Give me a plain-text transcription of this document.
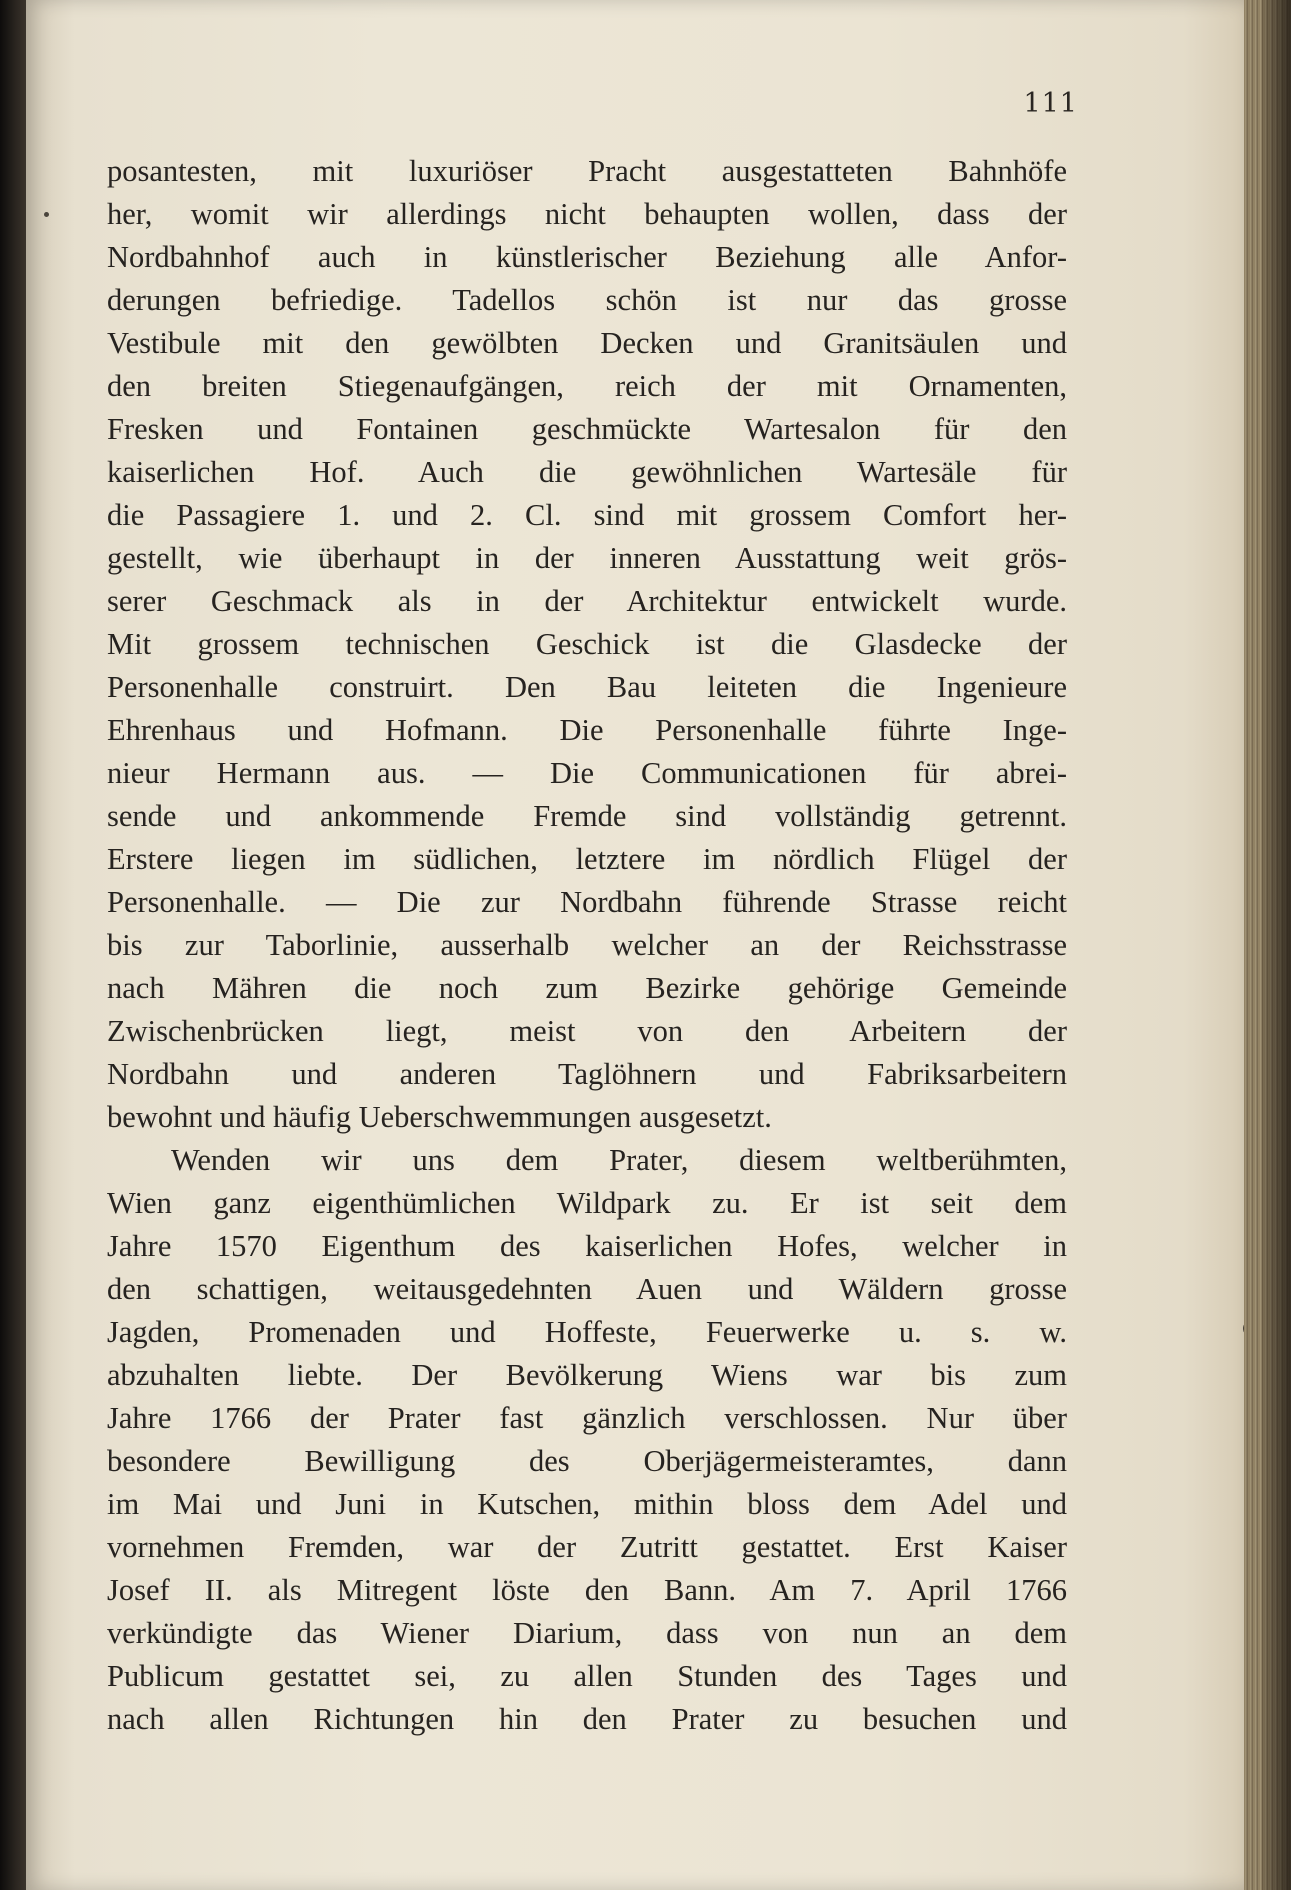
111
posantesten, mit luxuriöser Pracht ausgestatteten Bahnhöfe
her, womit wir allerdings nicht behaupten wollen, dass der
Nordbahnhof auch in künstlerischer Beziehung alle Anfor-
derungen befriedige. Tadellos schön ist nur das grosse
Vestibule mit den gewölbten Decken und Granitsäulen und
den breiten Stiegenaufgängen, reich der mit Ornamenten,
Fresken und Fontainen geschmückte Wartesalon für den
kaiserlichen Hof. Auch die gewöhnlichen Wartesäle für
die Passagiere 1. und 2. Cl. sind mit grossem Comfort her-
gestellt, wie überhaupt in der inneren Ausstattung weit grös-
serer Geschmack als in der Architektur entwickelt wurde.
Mit grossem technischen Geschick ist die Glasdecke der
Personenhalle construirt. Den Bau leiteten die Ingenieure
Ehrenhaus und Hofmann. Die Personenhalle führte Inge-
nieur Hermann aus. — Die Communicationen für abrei-
sende und ankommende Fremde sind vollständig getrennt.
Erstere liegen im südlichen, letztere im nördlich Flügel der
Personenhalle. — Die zur Nordbahn führende Strasse reicht
bis zur Taborlinie, ausserhalb welcher an der Reichsstrasse
nach Mähren die noch zum Bezirke gehörige Gemeinde
Zwischenbrücken liegt, meist von den Arbeitern der
Nordbahn und anderen Taglöhnern und Fabriksarbeitern
bewohnt und häufig Ueberschwemmungen ausgesetzt.
Wenden wir uns dem Prater, diesem weltberühmten,
Wien ganz eigenthümlichen Wildpark zu. Er ist seit dem
Jahre 1570 Eigenthum des kaiserlichen Hofes, welcher in
den schattigen, weitausgedehnten Auen und Wäldern grosse
Jagden, Promenaden und Hoffeste, Feuerwerke u. s. w.
abzuhalten liebte. Der Bevölkerung Wiens war bis zum
Jahre 1766 der Prater fast gänzlich verschlossen. Nur über
besondere Bewilligung des Oberjägermeisteramtes, dann
im Mai und Juni in Kutschen, mithin bloss dem Adel und
vornehmen Fremden, war der Zutritt gestattet. Erst Kaiser
Josef II. als Mitregent löste den Bann. Am 7. April 1766
verkündigte das Wiener Diarium, dass von nun an dem
Publicum gestattet sei, zu allen Stunden des Tages und
nach allen Richtungen hin den Prater zu besuchen und
